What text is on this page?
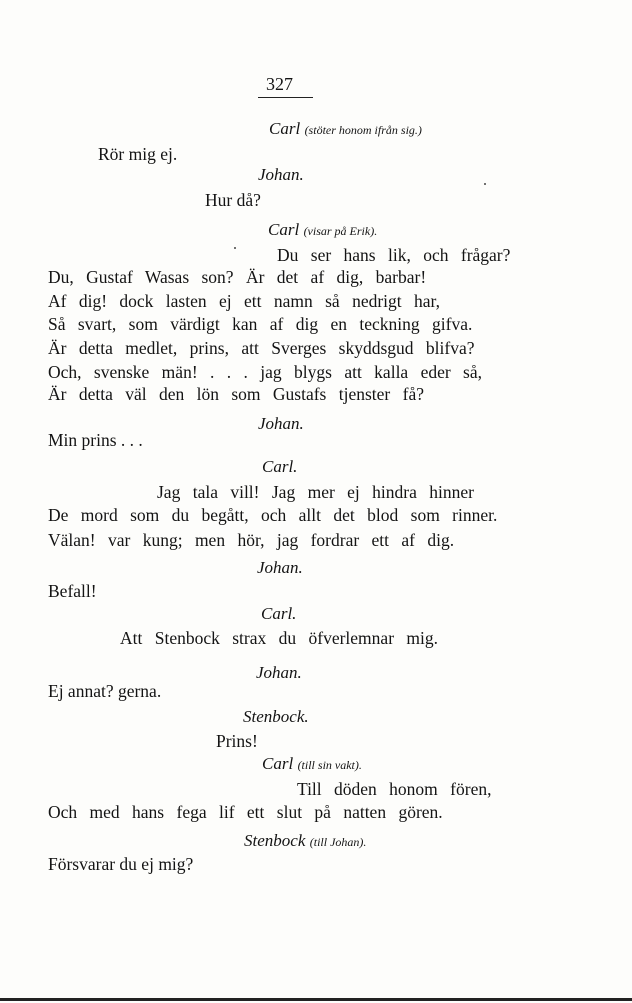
327
Carl (stöter honom ifrån sig.)
Rör mig ej.
Johan.
Hur då?
Carl (visar på Erik).
Du ser hans lik, och frågar?
Du, Gustaf Wasas son? Är det af dig, barbar!
Af dig! dock lasten ej ett namn så nedrigt har,
Så svart, som värdigt kan af dig en teckning gifva.
Är detta medlet, prins, att Sverges skyddsgud blifva?
Och, svenske män! . . . jag blygs att kalla eder så,
Är detta väl den lön som Gustafs tjenster få?
Johan.
Min prins . . .
Carl.
Jag tala vill! Jag mer ej hindra hinner
De mord som du begått, och allt det blod som rinner.
Välan! var kung; men hör, jag fordrar ett af dig.
Johan.
Befall!
Carl.
Att Stenbock strax du öfverlemnar mig.
Johan.
Ej annat? gerna.
Stenbock.
Prins!
Carl (till sin vakt).
Till döden honom fören,
Och med hans fega lif ett slut på natten gören.
Stenbock (till Johan).
Försvarar du ej mig?
